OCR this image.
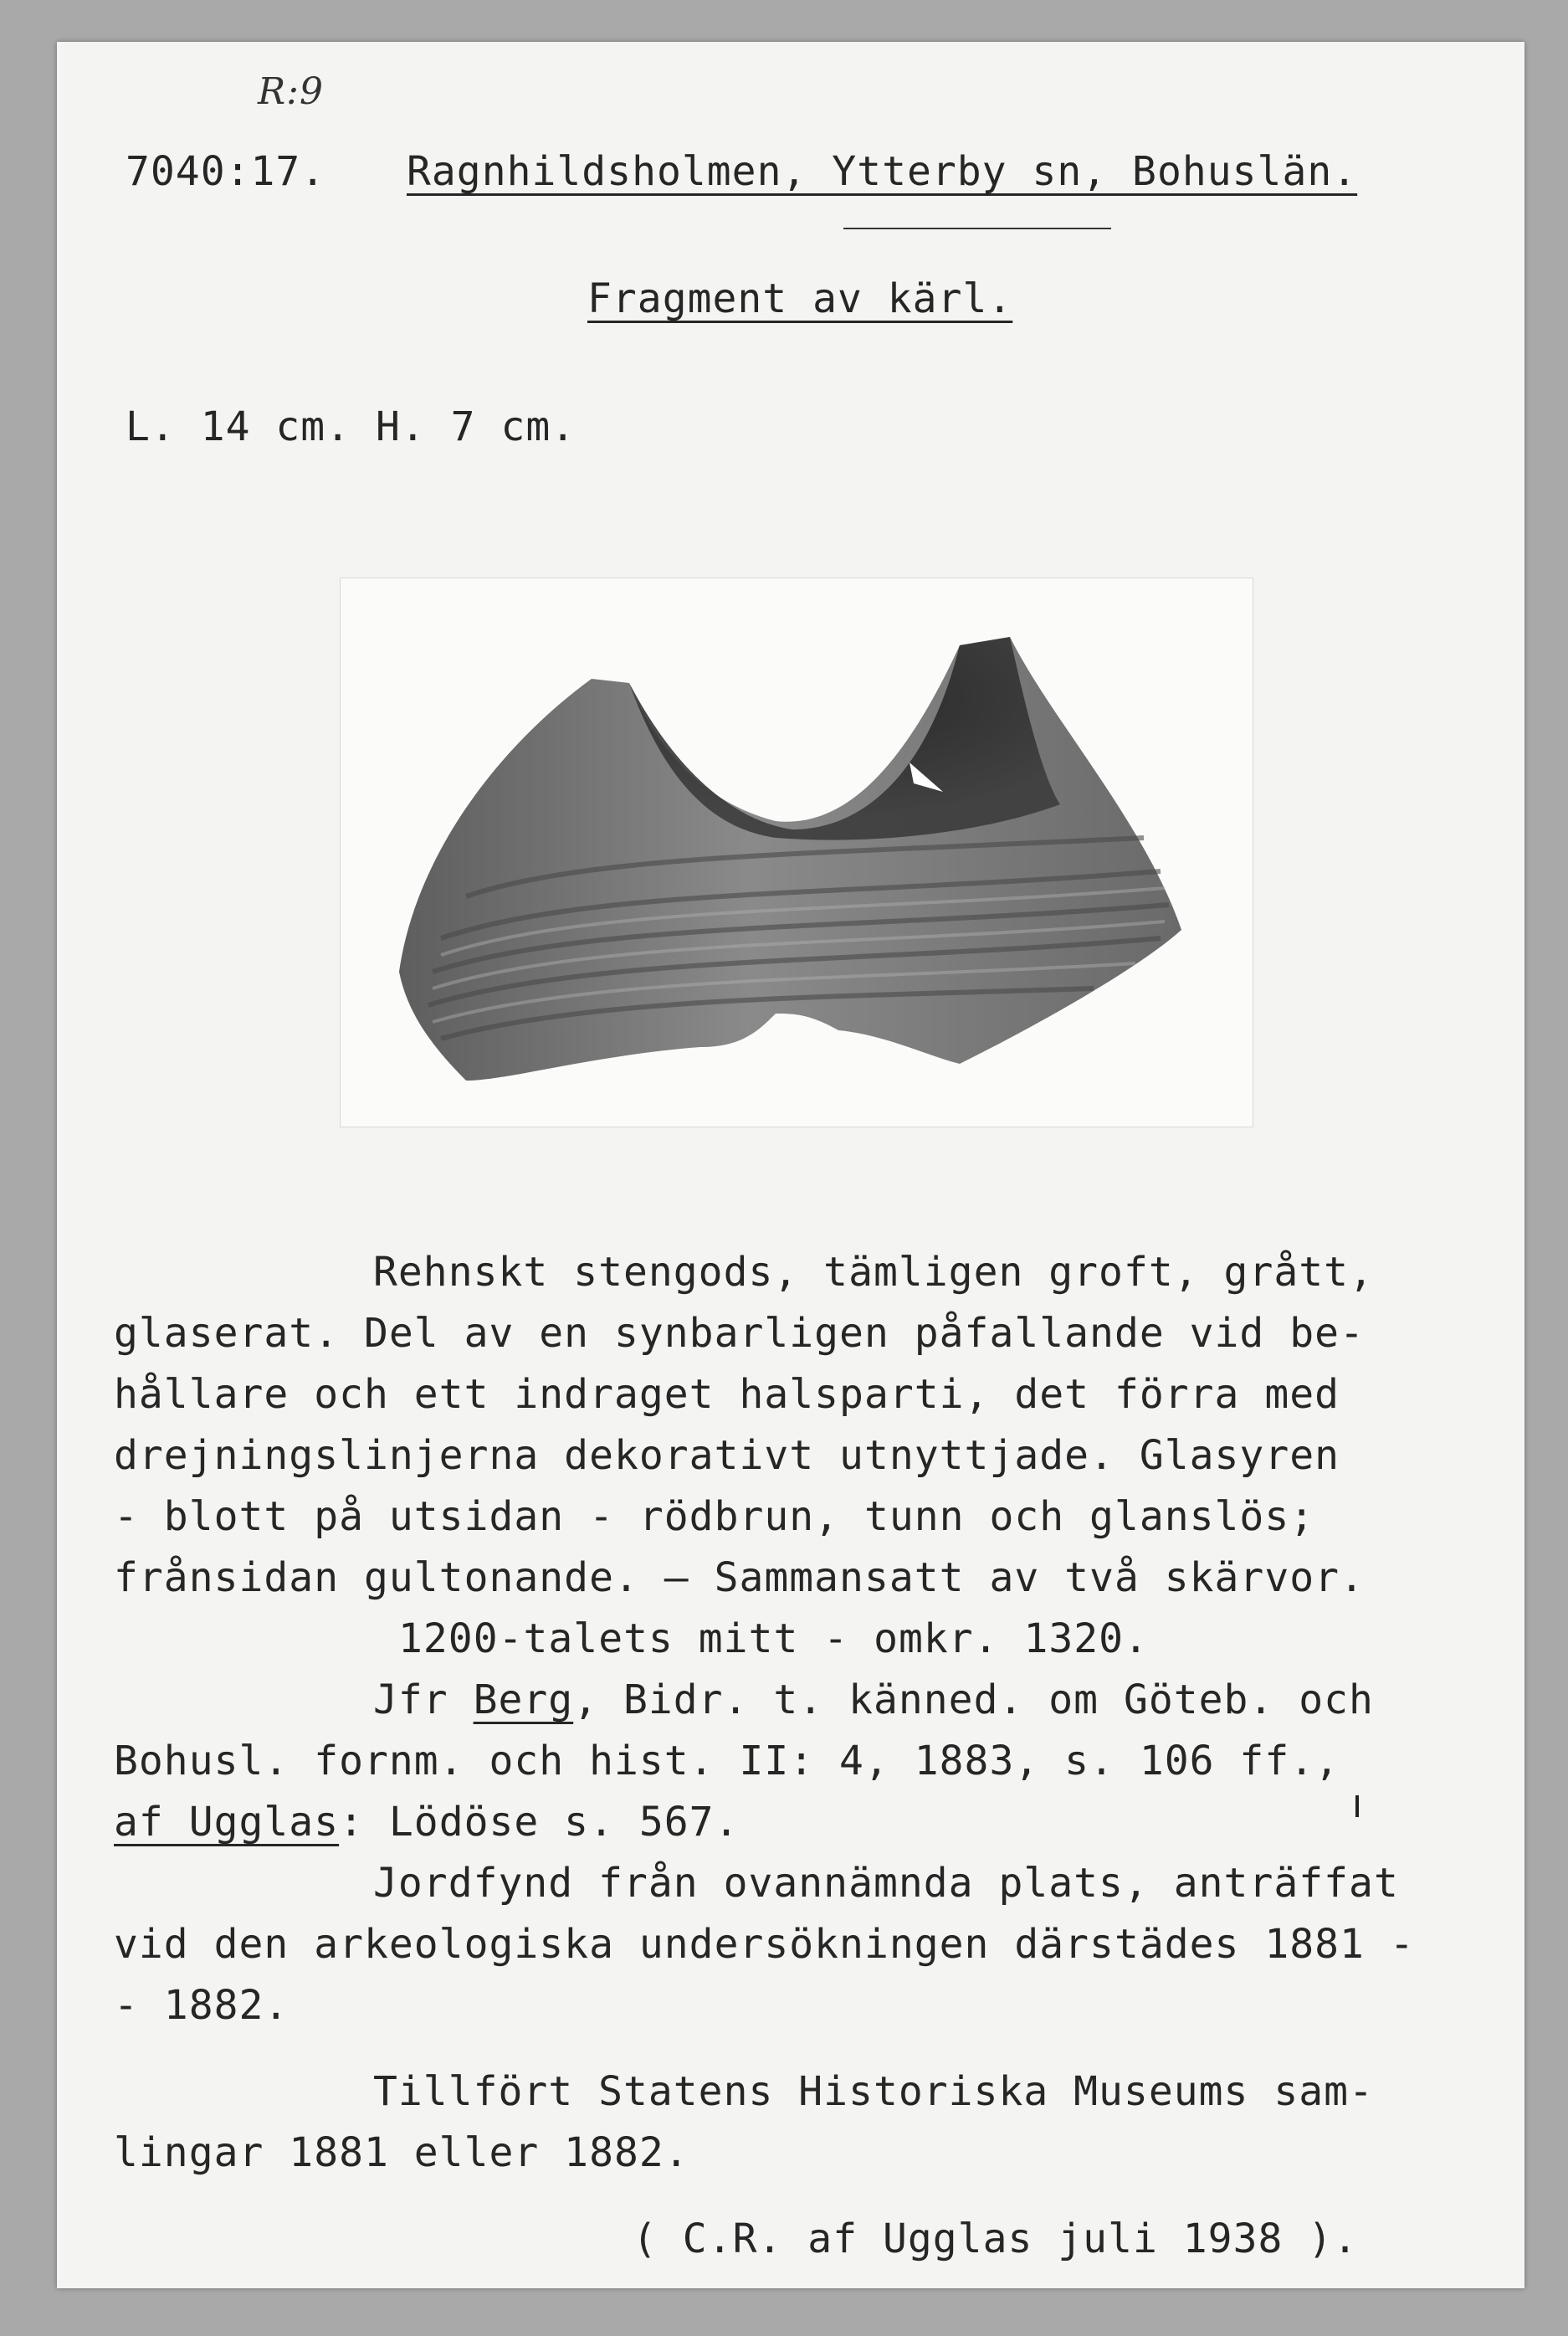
R:9
7040:17. Ragnhildsholmen, Ytterby sn, Bohuslän.
Fragment av kärl.
L. 14 cm. H. 7 cm.
Rehnskt stengods, tämligen groft, grått,
glaserat. Del av en synbarligen påfallande vid be-
hållare och ett indraget halsparti, det förra med
drejningslinjerna dekorativt utnyttjade. Glasyren
- blott på utsidan - rödbrun, tunn och glanslös;
frånsidan gultonande. — Sammansatt av två skärvor.
1200-talets mitt - omkr. 1320.
Jfr Berg, Bidr. t. känned. om Göteb. och
Bohusl. fornm. och hist. II: 4, 1883, s. 106 ff.,
af Ugglas: Lödöse s. 567.
Jordfynd från ovannämnda plats, anträffat
vid den arkeologiska undersökningen därstädes 1881 -
- 1882.
Tillfört Statens Historiska Museums sam-
lingar 1881 eller 1882.
( C.R. af Ugglas juli 1938 ).
